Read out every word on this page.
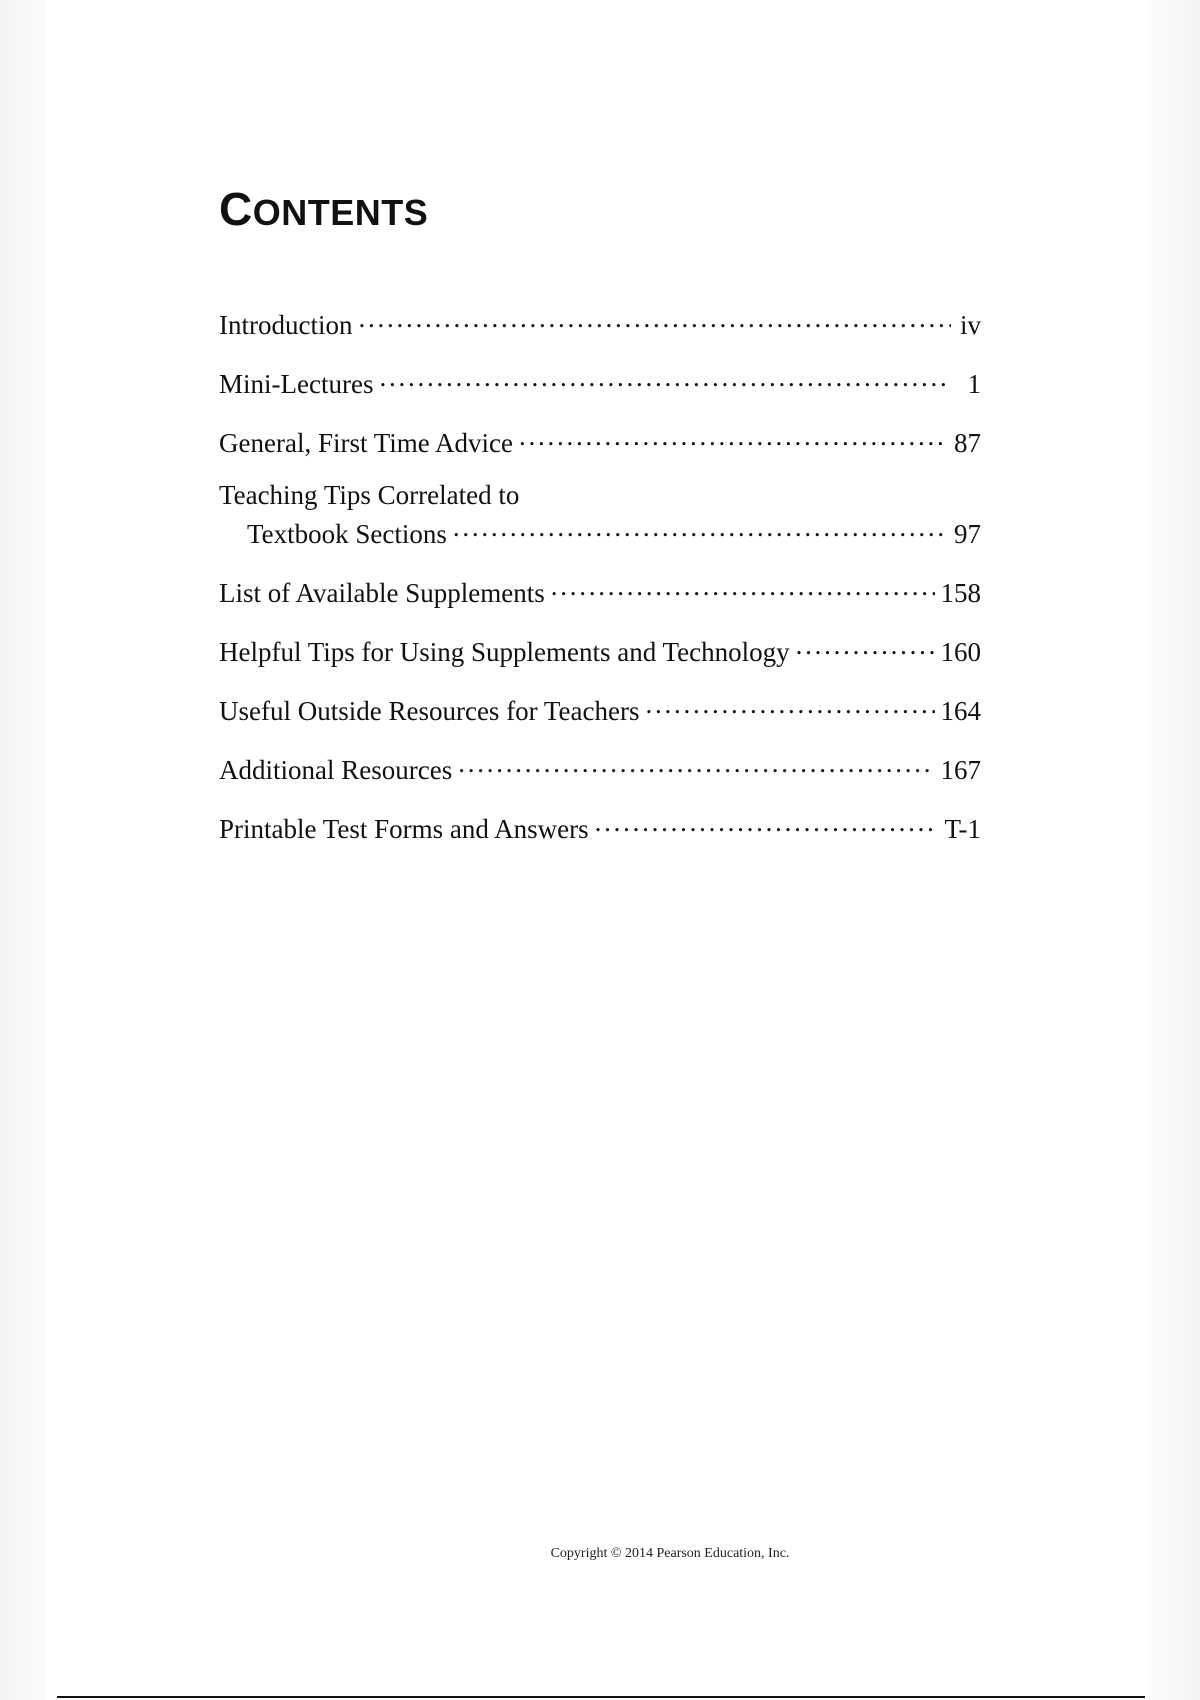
CONTENTS
Introduction . . .	iv
Mini-Lectures . . .	1
General, First Time Advice . . .	87
Teaching Tips Correlated to
Textbook Sections . . .	97
List of Available Supplements . . .	158
Helpful Tips for Using Supplements and Technology . . .	160
Useful Outside Resources for Teachers . . .	164
Additional Resources . . .	167
Printable Test Forms and Answers . . .	T-1
Copyright © 2014 Pearson Education, Inc.
